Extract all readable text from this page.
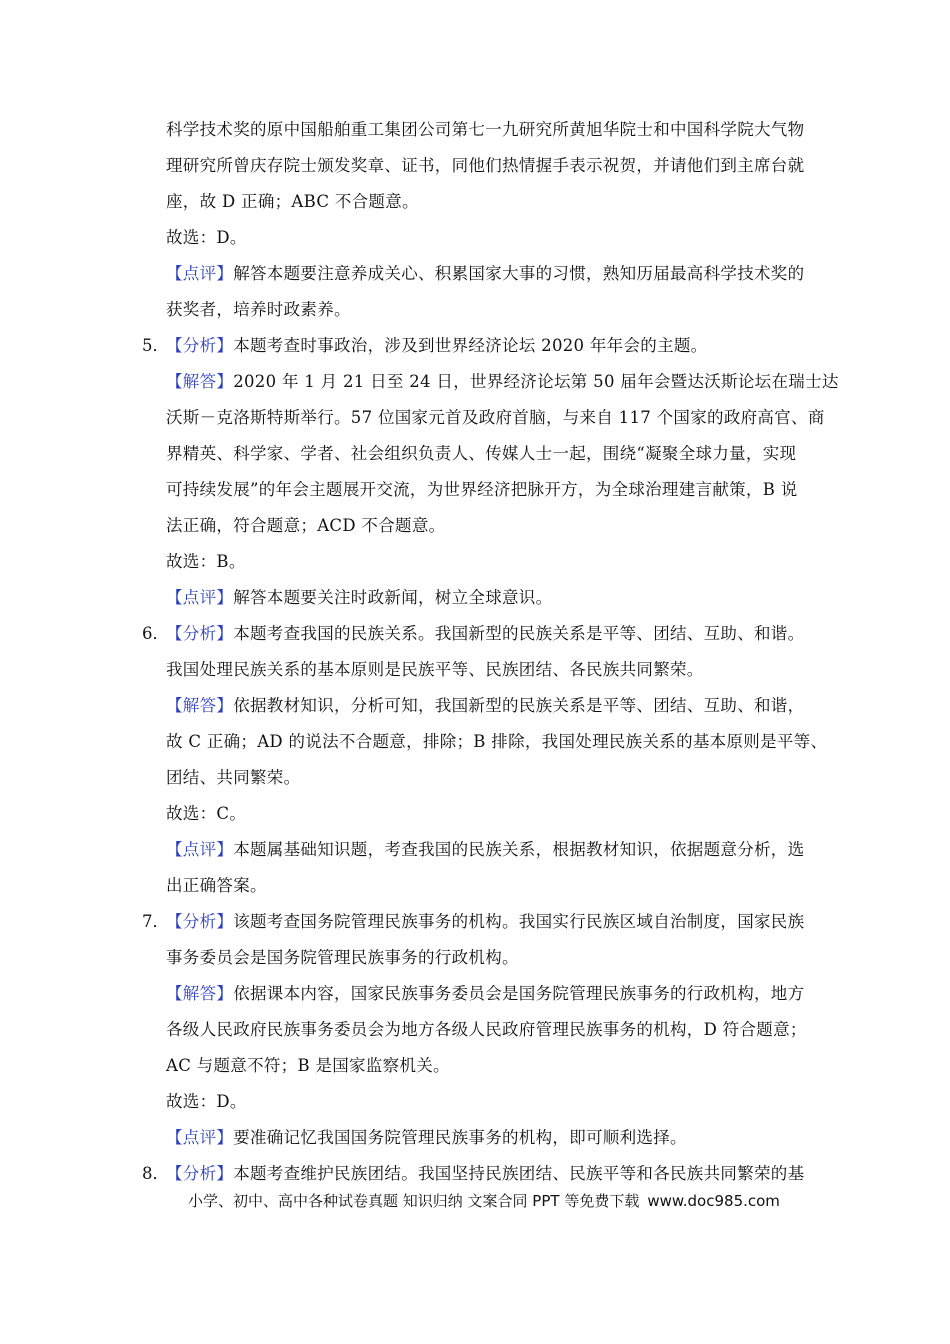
科学技术奖的原中国船舶重工集团公司第七一九研究所黄旭华院士和中国科学院大气物
理研究所曾庆存院士颁发奖章、证书，同他们热情握手表示祝贺，并请他们到主席台就
座，故 D 正确；ABC 不合题意。
故选：D。
【点评】解答本题要注意养成关心、积累国家大事的习惯，熟知历届最高科学技术奖的
获奖者，培养时政素养。
5．
【分析】本题考查时事政治，涉及到世界经济论坛 2020 年年会的主题。
【解答】2020 年 1 月 21 日至 24 日，世界经济论坛第 50 届年会暨达沃斯论坛在瑞士达
沃斯－克洛斯特斯举行。57 位国家元首及政府首脑，与来自 117 个国家的政府高官、商
界精英、科学家、学者、社会组织负责人、传媒人士一起，围绕“凝聚全球力量，实现
可持续发展”的年会主题展开交流，为世界经济把脉开方，为全球治理建言献策，B 说
法正确，符合题意；ACD 不合题意。
故选：B。
【点评】解答本题要关注时政新闻，树立全球意识。
6．
【分析】本题考查我国的民族关系。我国新型的民族关系是平等、团结、互助、和谐。
我国处理民族关系的基本原则是民族平等、民族团结、各民族共同繁荣。
【解答】依据教材知识，分析可知，我国新型的民族关系是平等、团结、互助、和谐，
故 C 正确；AD 的说法不合题意，排除；B 排除，我国处理民族关系的基本原则是平等、
团结、共同繁荣。
故选：C。
【点评】本题属基础知识题，考查我国的民族关系，根据教材知识，依据题意分析，选
出正确答案。
7．
【分析】该题考查国务院管理民族事务的机构。我国实行民族区域自治制度，国家民族
事务委员会是国务院管理民族事务的行政机构。
【解答】依据课本内容，国家民族事务委员会是国务院管理民族事务的行政机构，地方
各级人民政府民族事务委员会为地方各级人民政府管理民族事务的机构，D 符合题意；
AC 与题意不符；B 是国家监察机关。
故选：D。
【点评】要准确记忆我国国务院管理民族事务的机构，即可顺利选择。
8．
【分析】本题考查维护民族团结。我国坚持民族团结、民族平等和各民族共同繁荣的基
小学、初中、高中各种试卷真题 知识归纳 文案合同 PPT 等免费下载 www.doc985.com
